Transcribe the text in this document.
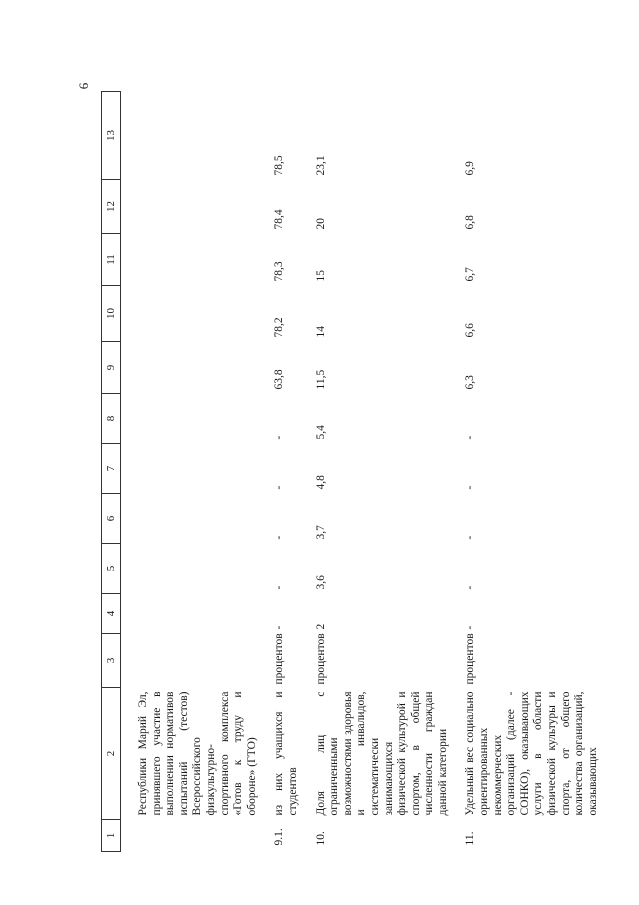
6
1	2	3	4	5	6	7	8	9	10	11	12	13
	Республики Марий Эл, принявшего участие в выполнении нормативов испытаний (тестов) Всероссийского физкультурно-спортивного комплекса «Готов к труду и обороне» (ГТО)											
9.1.	из них учащихся и студентов	процентов	-	-	-	-	-	63,8	78,2	78,3	78,4	78,5
10.	Доля лиц с ограниченными возможностями здоровья и инвалидов, систематически занимающихся физической культурой и спортом, в общей численности граждан данной категории	процентов	2	3,6	3,7	4,8	5,4	11,5	14	15	20	23,1
11.	Удельный вес социально ориентированных некоммерческих организаций (далее - СОНКО), оказывающих услуги в области физической культуры и спорта, от общего количества организаций, оказывающих	процентов	-	-	-	-	-	6,3	6,6	6,7	6,8	6,9
